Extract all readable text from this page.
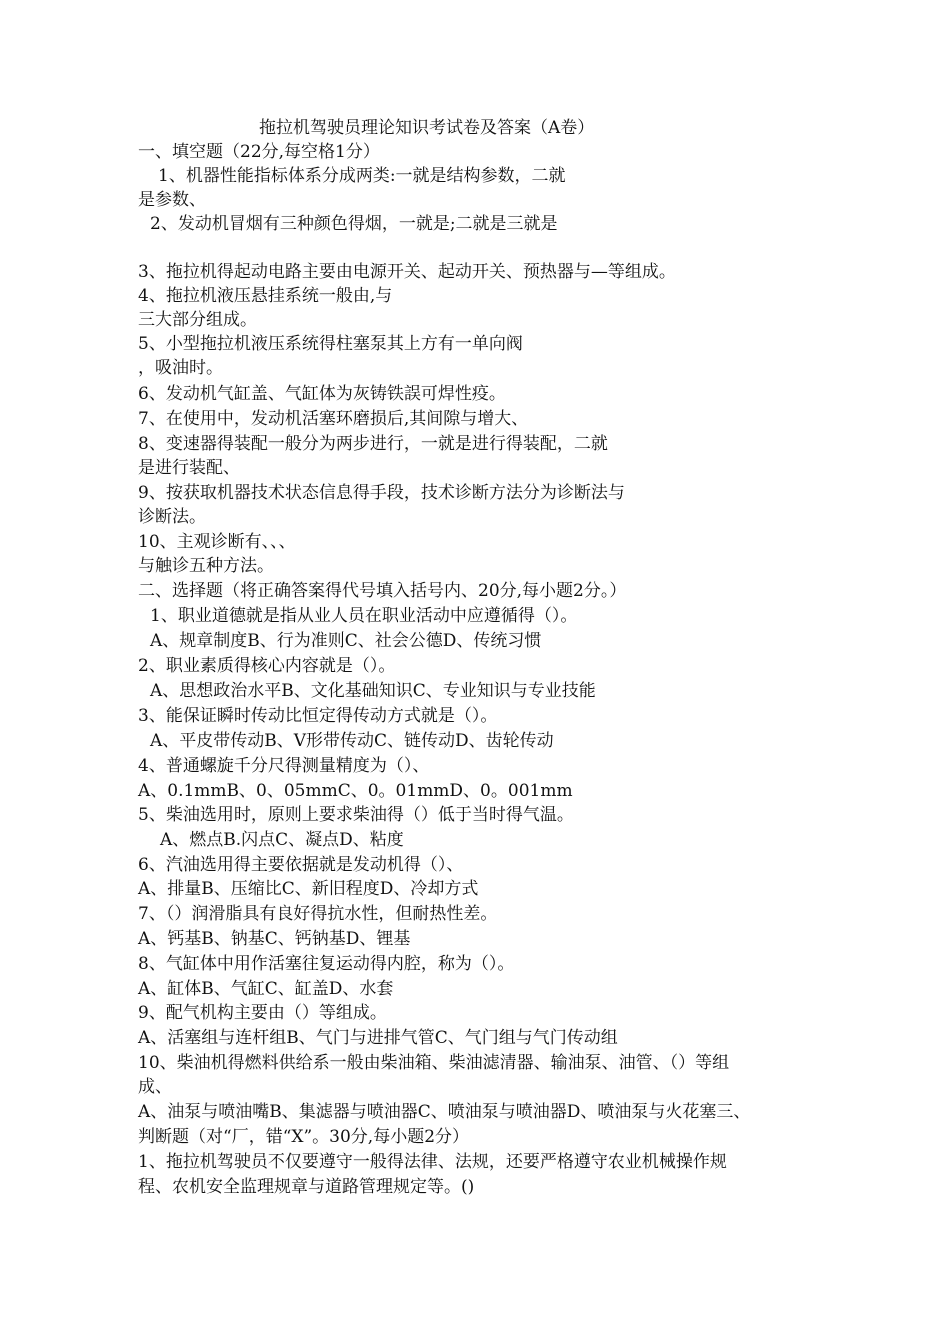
拖拉机驾驶员理论知识考试卷及答案（A卷）

一、填空题（22分,每空格1分）

1、机器性能指标体系分成两类:一就是结构参数，二就

是参数、

2、发动机冒烟有三种颜色得烟，一就是;二就是三就是

3、拖拉机得起动电路主要由电源开关、起动开关、预热器与—等组成。

4、拖拉机液压悬挂系统一般由,与

三大部分组成。

5、小型拖拉机液压系统得柱塞泵其上方有一单向阀

，吸油时。

6、发动机气缸盖、气缸体为灰铸铁誤可焊性疫。

7、在使用中，发动机活塞环磨损后,其间隙与增大、

8、变速器得装配一般分为两步进行，一就是进行得装配，二就

是进行装配、

9、按获取机器技术状态信息得手段，技术诊断方法分为诊断法与

诊断法。

10、主观诊断有、、、

与触诊五种方法。

二、选择题（将正确答案得代号填入括号内、20分,每小题2分。）

1、职业道德就是指从业人员在职业活动中应遵循得（）。

A、规章制度B、行为准则C、社会公德D、传统习惯

2、职业素质得核心内容就是（）。

A、思想政治水平B、文化基础知识C、专业知识与专业技能

3、能保证瞬时传动比恒定得传动方式就是（）。

A、平皮带传动B、V形带传动C、链传动D、齿轮传动

4、普通螺旋千分尺得测量精度为（）、

A、0.1mmB、0、05mmC、0。01mmD、0。001mm

5、柴油选用时，原则上要求柴油得（）低于当时得气温。

A、燃点B.闪点C、凝点D、粘度

6、汽油选用得主要依据就是发动机得（）、

A、排量B、压缩比C、新旧程度D、冷却方式

7、（）润滑脂具有良好得抗水性，但耐热性差。

A、钙基B、钠基C、钙钠基D、锂基

8、气缸体中用作活塞往复运动得内腔，称为（）。

A、缸体B、气缸C、缸盖D、水套

9、配气机构主要由（）等组成。

A、活塞组与连杆组B、气门与进排气管C、气门组与气门传动组

10、柴油机得燃料供给系一般由柴油箱、柴油滤清器、输油泵、油管、（）等组

成、

A、油泵与喷油嘴B、集滤器与喷油器C、喷油泵与喷油器D、喷油泵与火花塞三、

判断题（对“厂，错“X”。30分,每小题2分）

1、拖拉机驾驶员不仅要遵守一般得法律、法规，还要严格遵守农业机械操作规

程、农机安全监理规章与道路管理规定等。()
